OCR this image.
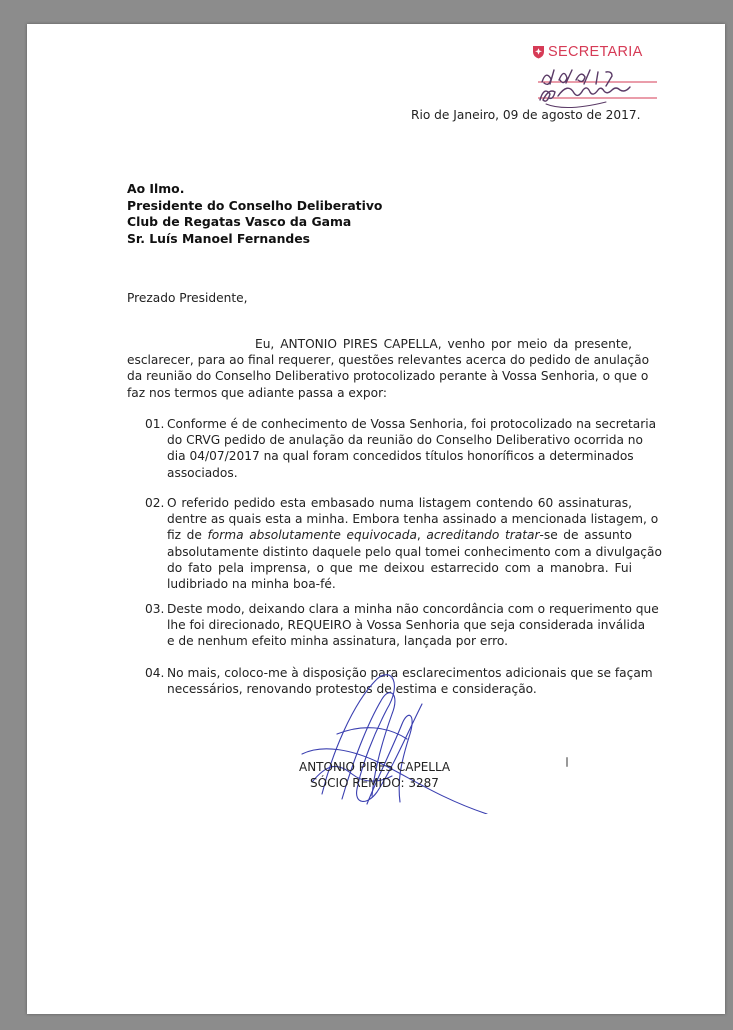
SECRETARIA
Rio de Janeiro, 09 de agosto de 2017.
Ao Ilmo.
Presidente do Conselho Deliberativo
Club de Regatas Vasco da Gama
Sr. Luís Manoel Fernandes
Prezado Presidente,
Eu, ANTONIO PIRES CAPELLA, venho por meio da presente,
esclarecer, para ao final requerer, questões relevantes acerca do pedido de anulação
da reunião do Conselho Deliberativo protocolizado perante à Vossa Senhoria, o que o
faz nos termos que adiante passa a expor:
01. Conforme é de conhecimento de Vossa Senhoria, foi protocolizado na secretaria
do CRVG pedido de anulação da reunião do Conselho Deliberativo ocorrida no
dia 04/07/2017 na qual foram concedidos títulos honoríficos a determinados
associados.
02. O referido pedido esta embasado numa listagem contendo 60 assinaturas,
dentre as quais esta a minha. Embora tenha assinado a mencionada listagem, o
fiz de forma absolutamente equivocada, acreditando tratar-se de assunto
absolutamente distinto daquele pelo qual tomei conhecimento com a divulgação
do fato pela imprensa, o que me deixou estarrecido com a manobra. Fui
ludibriado na minha boa-fé.
03. Deste modo, deixando clara a minha não concordância com o requerimento que
lhe foi direcionado, REQUEIRO à Vossa Senhoria que seja considerada inválida
e de nenhum efeito minha assinatura, lançada por erro.
04. No mais, coloco-me à disposição para esclarecimentos adicionais que se façam
necessários, renovando protestos de estima e consideração.
ANTONIO PIRES CAPELLA
SÓCIO REMIDO: 3287
